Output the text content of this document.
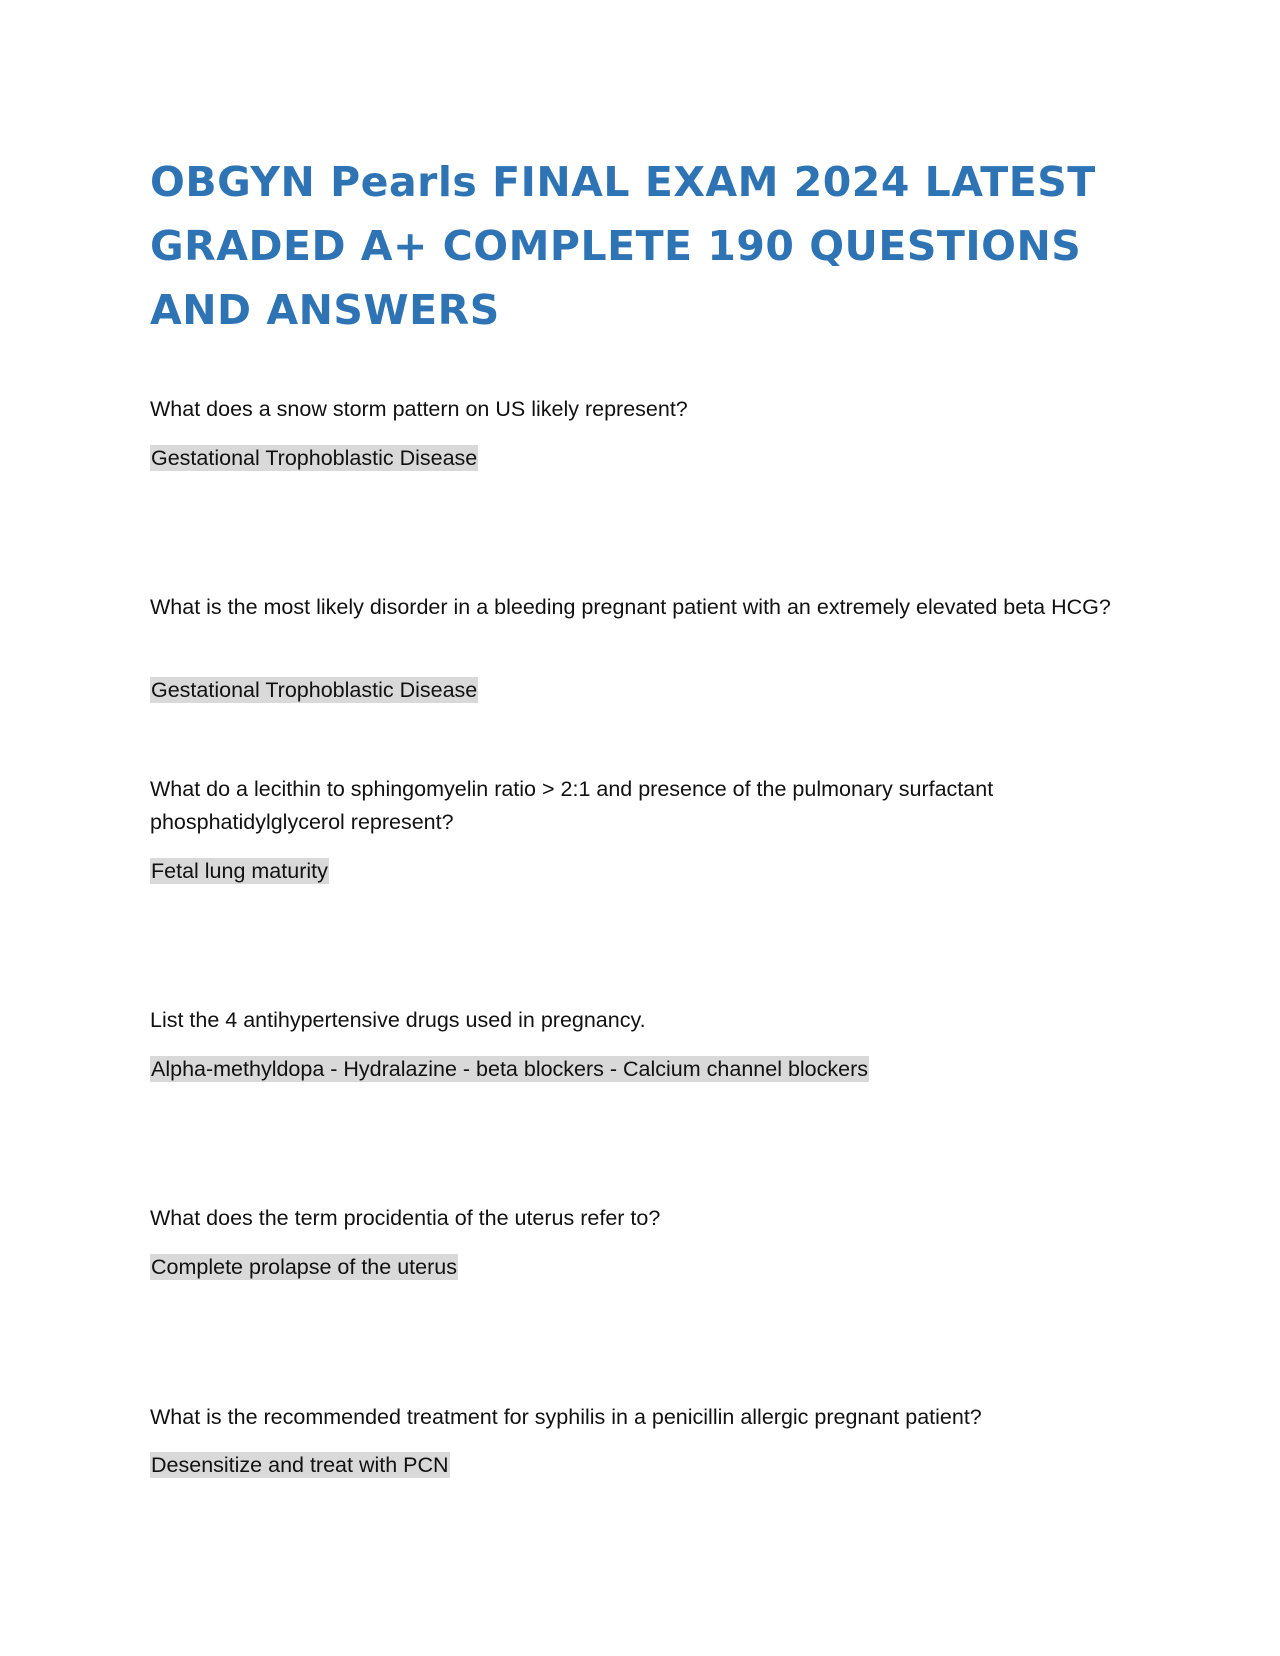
OBGYN Pearls FINAL EXAM 2024 LATEST GRADED A+ COMPLETE 190 QUESTIONS AND ANSWERS

What does a snow storm pattern on US likely represent?

Gestational Trophoblastic Disease

What is the most likely disorder in a bleeding pregnant patient with an extremely elevated beta HCG?

Gestational Trophoblastic Disease

What do a lecithin to sphingomyelin ratio > 2:1 and presence of the pulmonary surfactant phosphatidylglycerol represent?

Fetal lung maturity

List the 4 antihypertensive drugs used in pregnancy.

Alpha-methyldopa - Hydralazine - beta blockers - Calcium channel blockers

What does the term procidentia of the uterus refer to?

Complete prolapse of the uterus

What is the recommended treatment for syphilis in a penicillin allergic pregnant patient?

Desensitize and treat with PCN
